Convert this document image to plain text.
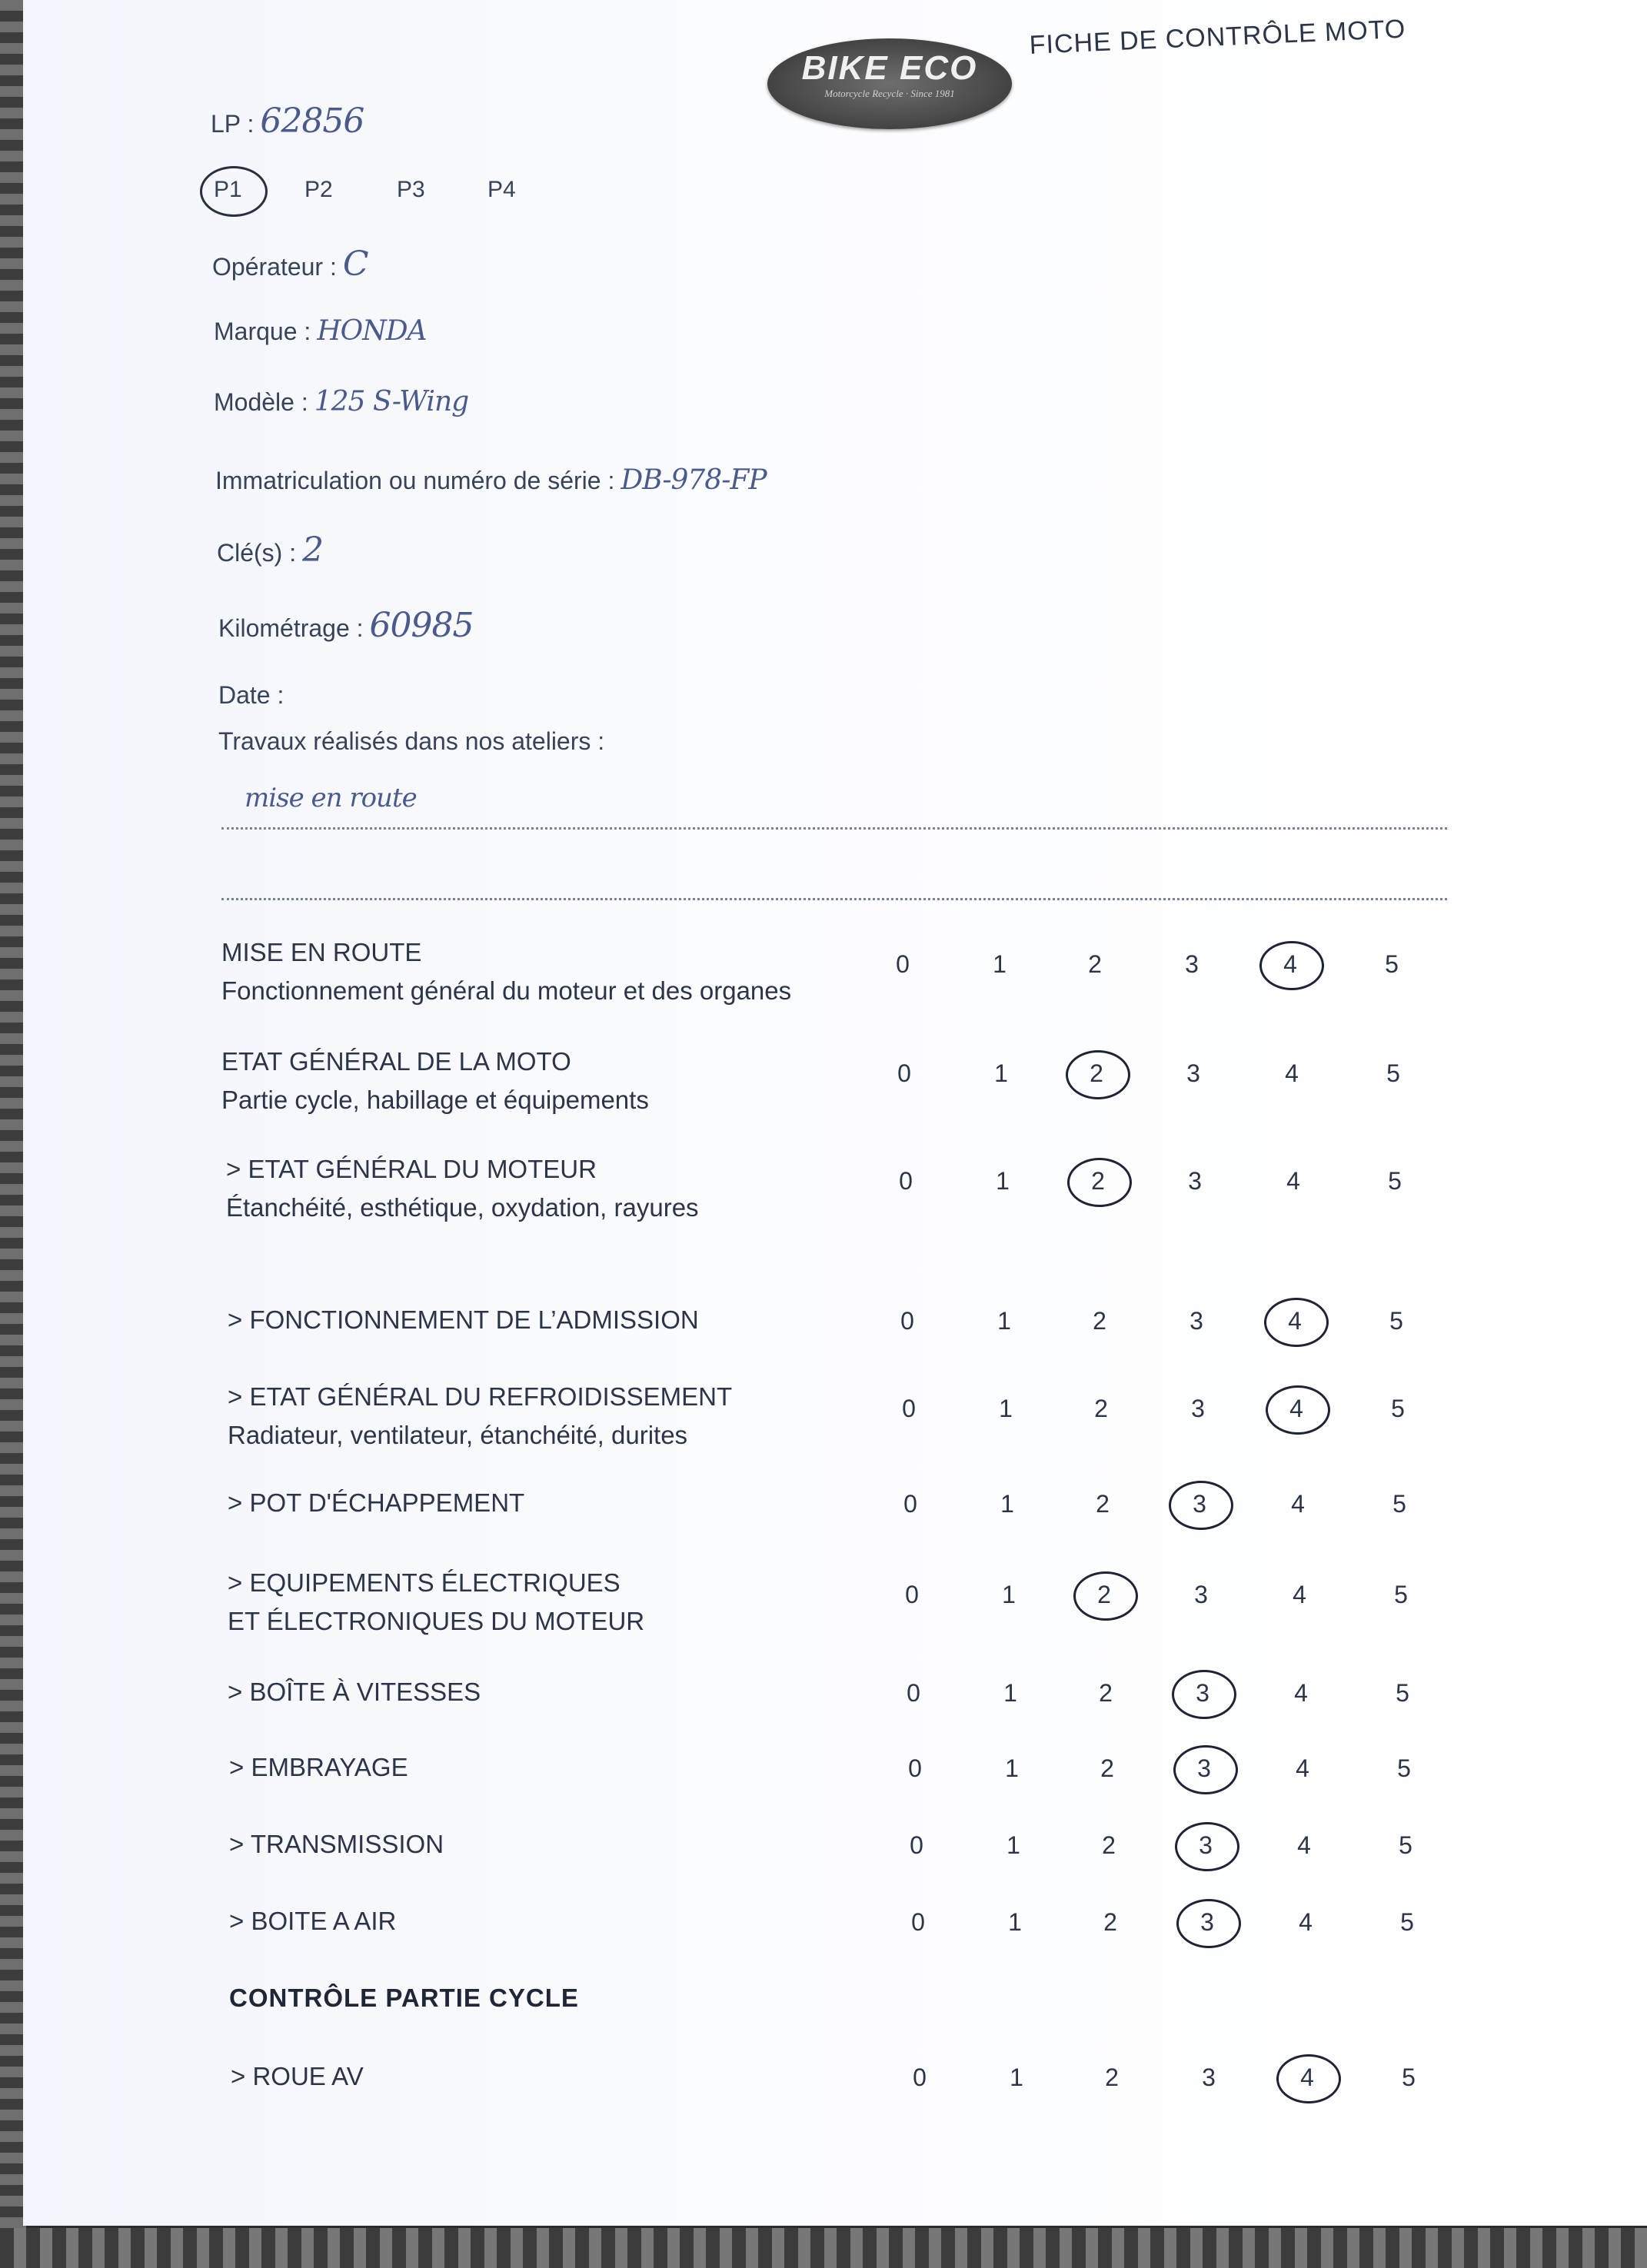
BIKE ECO
Motorcycle Recycle · Since 1981
FICHE DE CONTRÔLE MOTO
LP : 62856
P1	P2	P3	P4
Opérateur : C
Marque : HONDA
Modèle : 125 S-Wing
Immatriculation ou numéro de série : DB-978-FP
Clé(s) : 2
Kilométrage : 60985
Date :
Travaux réalisés dans nos ateliers :
mise en route
MISE EN ROUTE
Fonctionnement général du moteur et des organes
0	1	2	3	4	5
ETAT GÉNÉRAL DE LA MOTO
Partie cycle, habillage et équipements
0	1	2	3	4	5
> ETAT GÉNÉRAL DU MOTEUR
Étanchéité, esthétique, oxydation, rayures
0	1	2	3	4	5
> FONCTIONNEMENT DE L’ADMISSION	0	1	2	3	4	5
> ETAT GÉNÉRAL DU REFROIDISSEMENT
Radiateur, ventilateur, étanchéité, durites
0	1	2	3	4	5
> POT D'ÉCHAPPEMENT	0	1	2	3	4	5
> EQUIPEMENTS ÉLECTRIQUES
ET ÉLECTRONIQUES DU MOTEUR
0	1	2	3	4	5
> BOÎTE À VITESSES	0	1	2	3	4	5
> EMBRAYAGE	0	1	2	3	4	5
> TRANSMISSION	0	1	2	3	4	5
> BOITE A AIR	0	1	2	3	4	5
> ROUE AV	0	1	2	3	4	5
CONTRÔLE PARTIE CYCLE
